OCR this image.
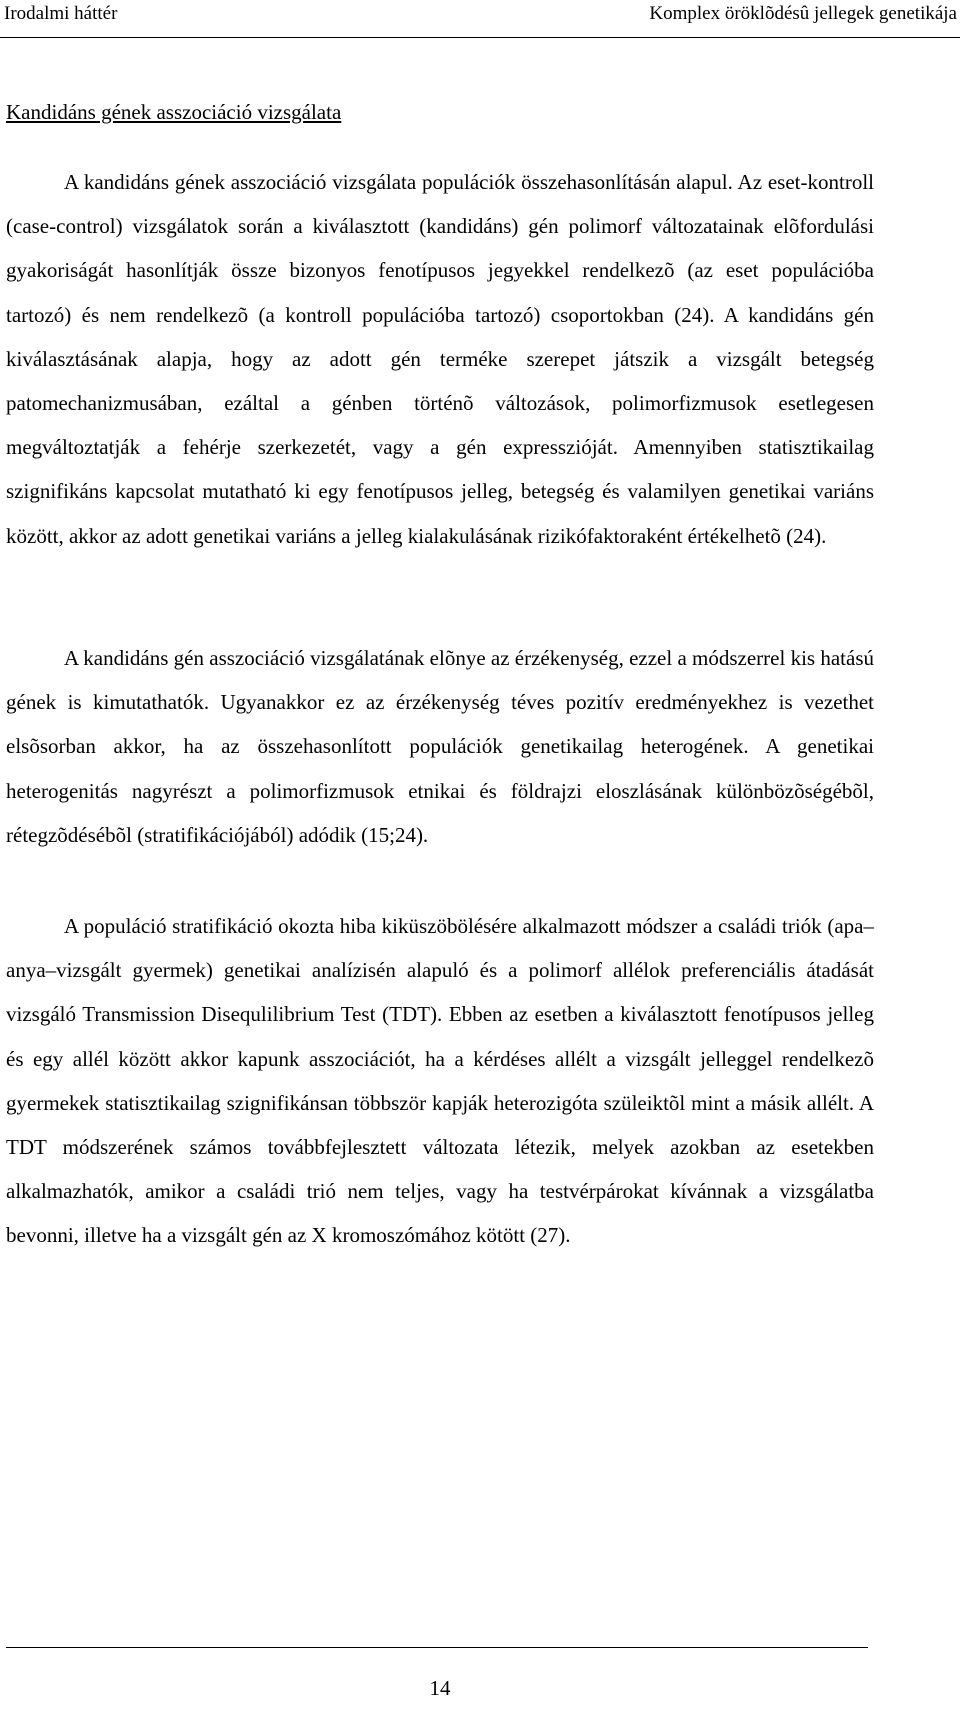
Irodalmi háttér	Komplex öröklõdésû jellegek genetikája
Kandidáns gének asszociáció vizsgálata

A kandidáns gének asszociáció vizsgálata populációk összehasonlításán alapul. Az eset-kontroll (case-control) vizsgálatok során a kiválasztott (kandidáns) gén polimorf változatainak elõfordulási gyakoriságát hasonlítják össze bizonyos fenotípusos jegyekkel rendelkezõ (az eset populációba tartozó) és nem rendelkezõ (a kontroll populációba tartozó) csoportokban (24). A kandidáns gén kiválasztásának alapja, hogy az adott gén terméke szerepet játszik a vizsgált betegség patomechanizmusában, ezáltal a génben történõ változások, polimorfizmusok esetlegesen megváltoztatják a fehérje szerkezetét, vagy a gén expresszióját. Amennyiben statisztikailag szignifikáns kapcsolat mutatható ki egy fenotípusos jelleg, betegség és valamilyen genetikai variáns között, akkor az adott genetikai variáns a jelleg kialakulásának rizikófaktoraként értékelhetõ (24).

A kandidáns gén asszociáció vizsgálatának elõnye az érzékenység, ezzel a módszerrel kis hatású gének is kimutathatók. Ugyanakkor ez az érzékenység téves pozitív eredményekhez is vezethet elsõsorban akkor, ha az összehasonlított populációk genetikailag heterogének. A genetikai heterogenitás nagyrészt a polimorfizmusok etnikai és földrajzi eloszlásának különbözõségébõl, rétegzõdésébõl (stratifikációjából) adódik (15;24).

A populáció stratifikáció okozta hiba kiküszöbölésére alkalmazott módszer a családi triók (apa–anya–vizsgált gyermek) genetikai analízisén alapuló és a polimorf allélok preferenciális átadását vizsgáló Transmission Disequlilibrium Test (TDT). Ebben az esetben a kiválasztott fenotípusos jelleg és egy allél között akkor kapunk asszociációt, ha a kérdéses allélt a vizsgált jelleggel rendelkezõ gyermekek statisztikailag szignifikánsan többször kapják heterozigóta szüleiktõl mint a másik allélt. A TDT módszerének számos továbbfejlesztett változata létezik, melyek azokban az esetekben alkalmazhatók, amikor a családi trió nem teljes, vagy ha testvérpárokat kívánnak a vizsgálatba bevonni, illetve ha a vizsgált gén az X kromoszómához kötött (27).

14
